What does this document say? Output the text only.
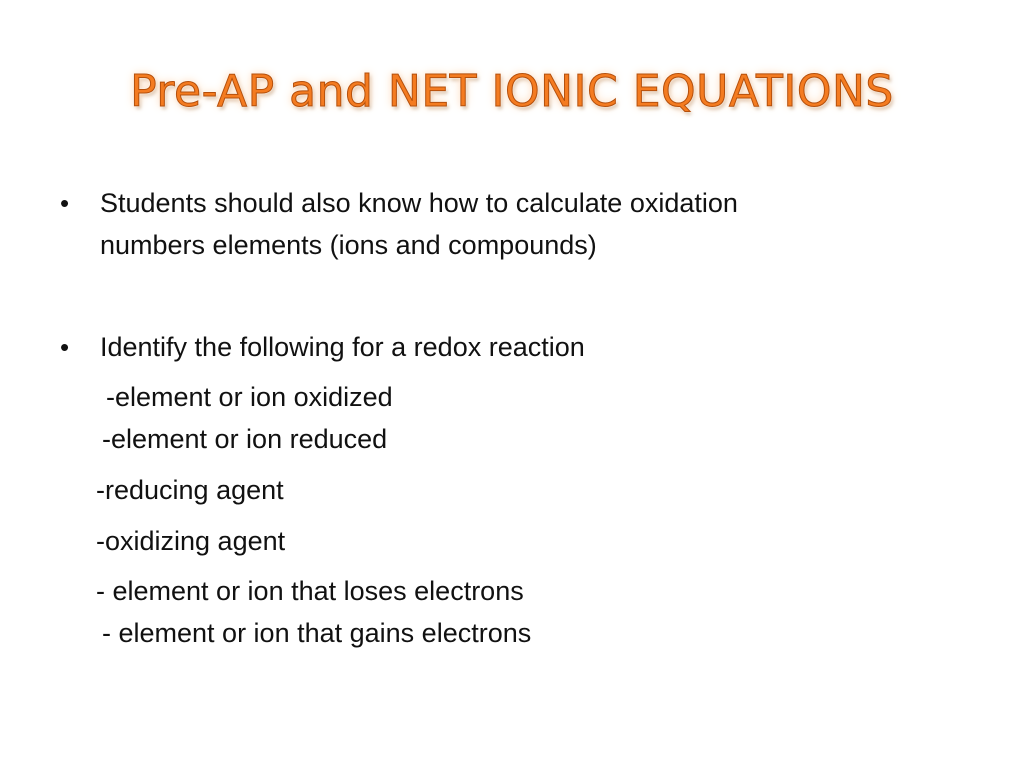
Pre-AP and NET IONIC EQUATIONS
• Students should also know how to calculate oxidation

numbers elements (ions and compounds)

• Identify the following for a redox reaction

-element or ion oxidized

-element or ion reduced

-reducing agent

-oxidizing agent

- element or ion that loses electrons

- element or ion that gains electrons
